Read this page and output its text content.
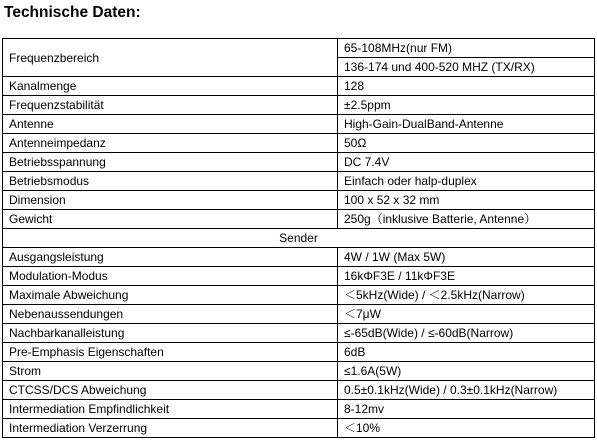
Technische Daten:
Frequenzbereich	65-108MHz(nur FM)
	136-174 und 400-520 MHZ (TX/RX)
Kanalmenge	128
Frequenzstabilität	±2.5ppm
Antenne	High-Gain-DualBand-Antenne
Antenneimpedanz	50Ω
Betriebsspannung	DC 7.4V
Betriebsmodus	Einfach oder halp-duplex
Dimension	100 x 52 x 32 mm
Gewicht	250g（inklusive Batterie, Antenne）
Sender	
Ausgangsleistung	4W / 1W (Max 5W)
Modulation-Modus	16kΦF3E / 11kΦF3E
Maximale Abweichung	＜5kHz(Wide) / ＜2.5kHz(Narrow)
Nebenaussendungen	＜7μW
Nachbarkanalleistung	≤-65dB(Wide) / ≤-60dB(Narrow)
Pre-Emphasis Eigenschaften	6dB
Strom	≤1.6A(5W)
CTCSS/DCS Abweichung	0.5±0.1kHz(Wide) / 0.3±0.1kHz(Narrow)
Intermediation Empfindlichkeit	8-12mv
Intermediation Verzerrung	＜10%
